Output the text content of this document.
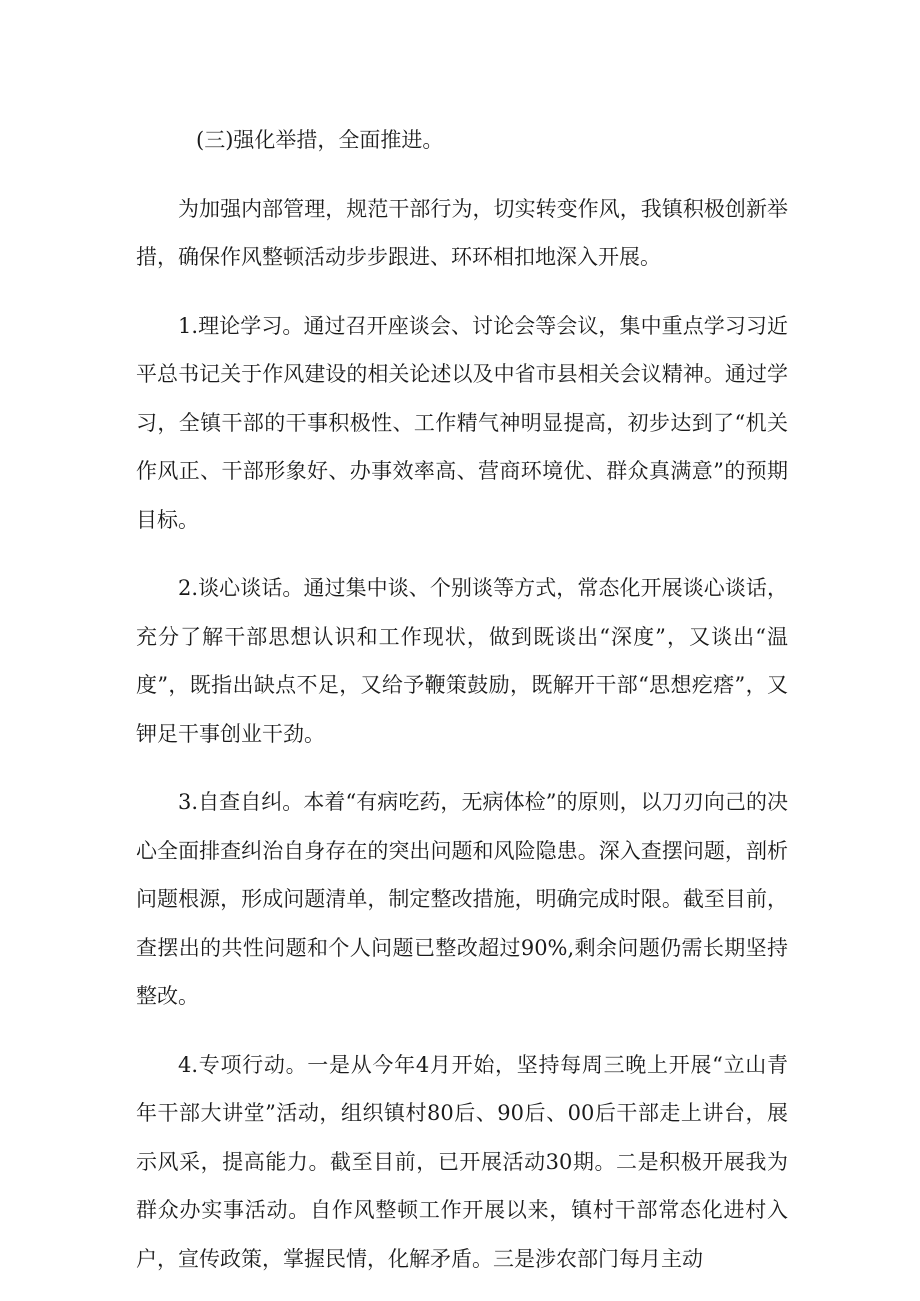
(三)强化举措，全面推进。

为加强内部管理，规范干部行为，切实转变作风，我镇积极创新举措，确保作风整顿活动步步跟进、环环相扣地深入开展。

1.理论学习。通过召开座谈会、讨论会等会议，集中重点学习习近平总书记关于作风建设的相关论述以及中省市县相关会议精神。通过学习，全镇干部的干事积极性、工作精气神明显提高，初步达到了“机关作风正、干部形象好、办事效率高、营商环境优、群众真满意”的预期目标。

2.谈心谈话。通过集中谈、个别谈等方式，常态化开展谈心谈话，充分了解干部思想认识和工作现状，做到既谈出“深度”，又谈出“温度”，既指出缺点不足，又给予鞭策鼓励，既解开干部“思想疙瘩”，又钾足干事创业干劲。

3.自查自纠。本着“有病吃药，无病体检”的原则，以刀刃向己的决心全面排查纠治自身存在的突出问题和风险隐患。深入查摆问题，剖析问题根源，形成问题清单，制定整改措施，明确完成时限。截至目前，查摆出的共性问题和个人问题已整改超过90%,剩余问题仍需长期坚持整改。

4.专项行动。一是从今年4月开始，坚持每周三晚上开展“立山青年干部大讲堂”活动，组织镇村80后、90后、00后干部走上讲台，展示风采，提高能力。截至目前，已开展活动30期。二是积极开展我为群众办实事活动。自作风整顿工作开展以来，镇村干部常态化进村入户，宣传政策，掌握民情，化解矛盾。三是涉农部门每月主动
